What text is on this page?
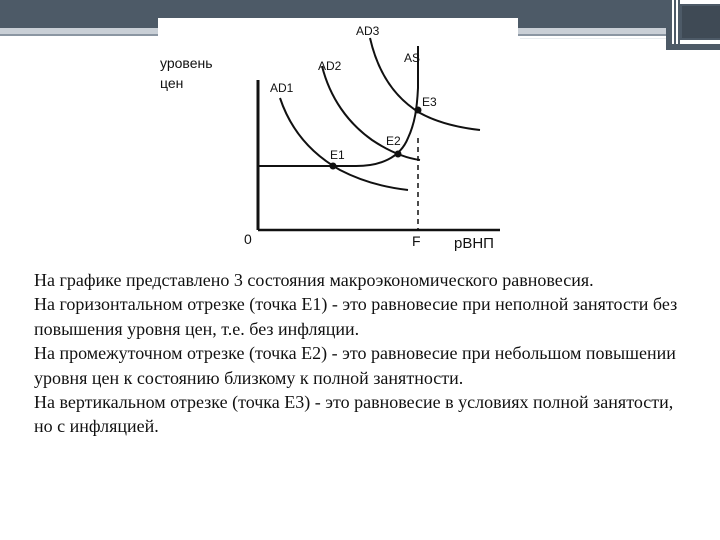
уровень
цен
0	F рВНП
AD1
AD2
AD3
AS
E1
E2
E3

На графике представлено 3 состояния макроэкономического равновесия.

На горизонтальном отрезке (точка Е1) - это равновесие при неполной занятости без повышения уровня цен, т.е. без инфляции.

На промежуточном отрезке (точка Е2) - это равновесие при небольшом повышении уровня цен к состоянию близкому к полной занятности.

На вертикальном отрезке (точка Е3) - это равновесие в условиях полной занятости, но с инфляцией.
